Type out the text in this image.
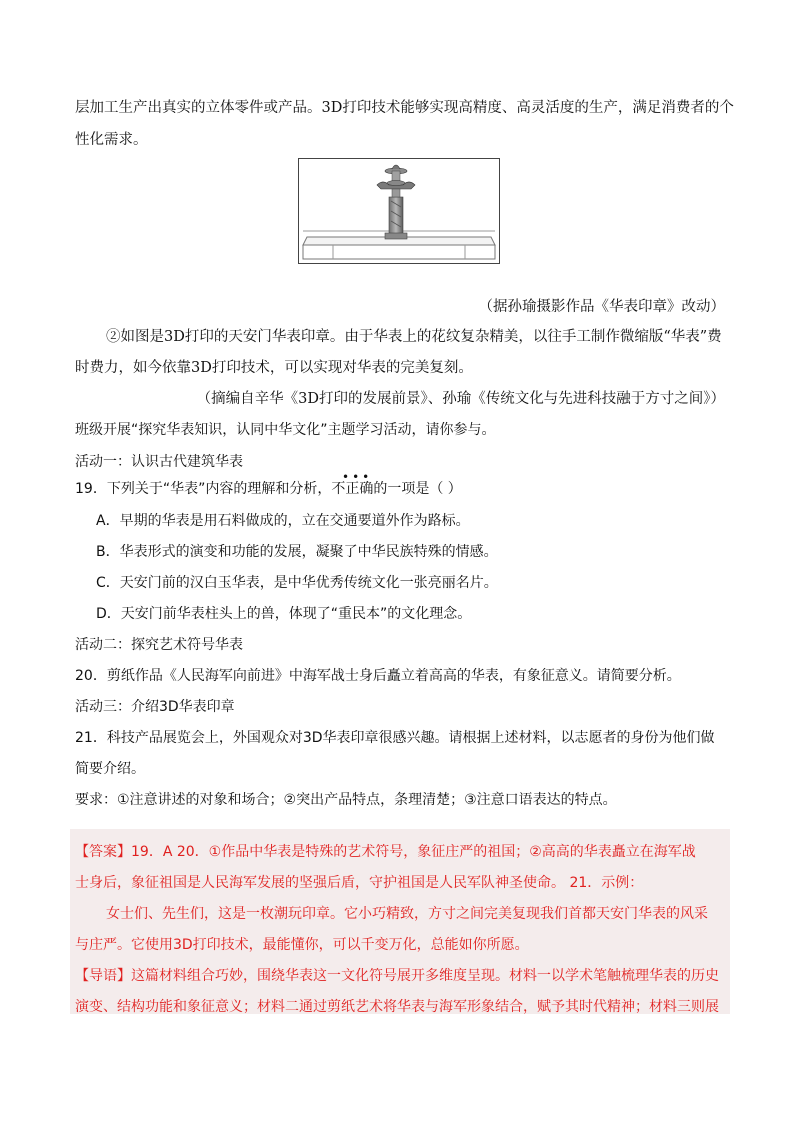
层加工生产出真实的立体零件或产品。3D打印技术能够实现高精度、高灵活度的生产，满足消费者的个
性化需求。
（据孙瑜摄影作品《华表印章》改动）
②如图是3D打印的天安门华表印章。由于华表上的花纹复杂精美，以往手工制作微缩版“华表”费
时费力，如今依靠3D打印技术，可以实现对华表的完美复刻。
（摘编自辛华《3D打印的发展前景》、孙瑜《传统文化与先进科技融于方寸之间》）
班级开展“探究华表知识，认同中华文化”主题学习活动，请你参与。
活动一：认识古代建筑华表
•••
19．下列关于“华表”内容的理解和分析，不正确的一项是（ ）
A．早期的华表是用石料做成的，立在交通要道外作为路标。
B．华表形式的演变和功能的发展，凝聚了中华民族特殊的情感。
C．天安门前的汉白玉华表，是中华优秀传统文化一张亮丽名片。
D．天安门前华表柱头上的兽，体现了“重民本”的文化理念。
活动二：探究艺术符号华表
20．剪纸作品《人民海军向前进》中海军战士身后矗立着高高的华表，有象征意义。请简要分析。
活动三：介绍3D华表印章
21．科技产品展览会上，外国观众对3D华表印章很感兴趣。请根据上述材料，以志愿者的身份为他们做
简要介绍。
要求：①注意讲述的对象和场合；②突出产品特点，条理清楚；③注意口语表达的特点。
【答案】19．A 20．①作品中华表是特殊的艺术符号，象征庄严的祖国；②高高的华表矗立在海军战
士身后，象征祖国是人民海军发展的坚强后盾，守护祖国是人民军队神圣使命。 21．示例：
女士们、先生们，这是一枚潮玩印章。它小巧精致，方寸之间完美复现我们首都天安门华表的风采
与庄严。它使用3D打印技术，最能懂你，可以千变万化，总能如你所愿。
【导语】这篇材料组合巧妙，围绕华表这一文化符号展开多维度呈现。材料一以学术笔触梳理华表的历史
演变、结构功能和象征意义；材料二通过剪纸艺术将华表与海军形象结合，赋予其时代精神；材料三则展
